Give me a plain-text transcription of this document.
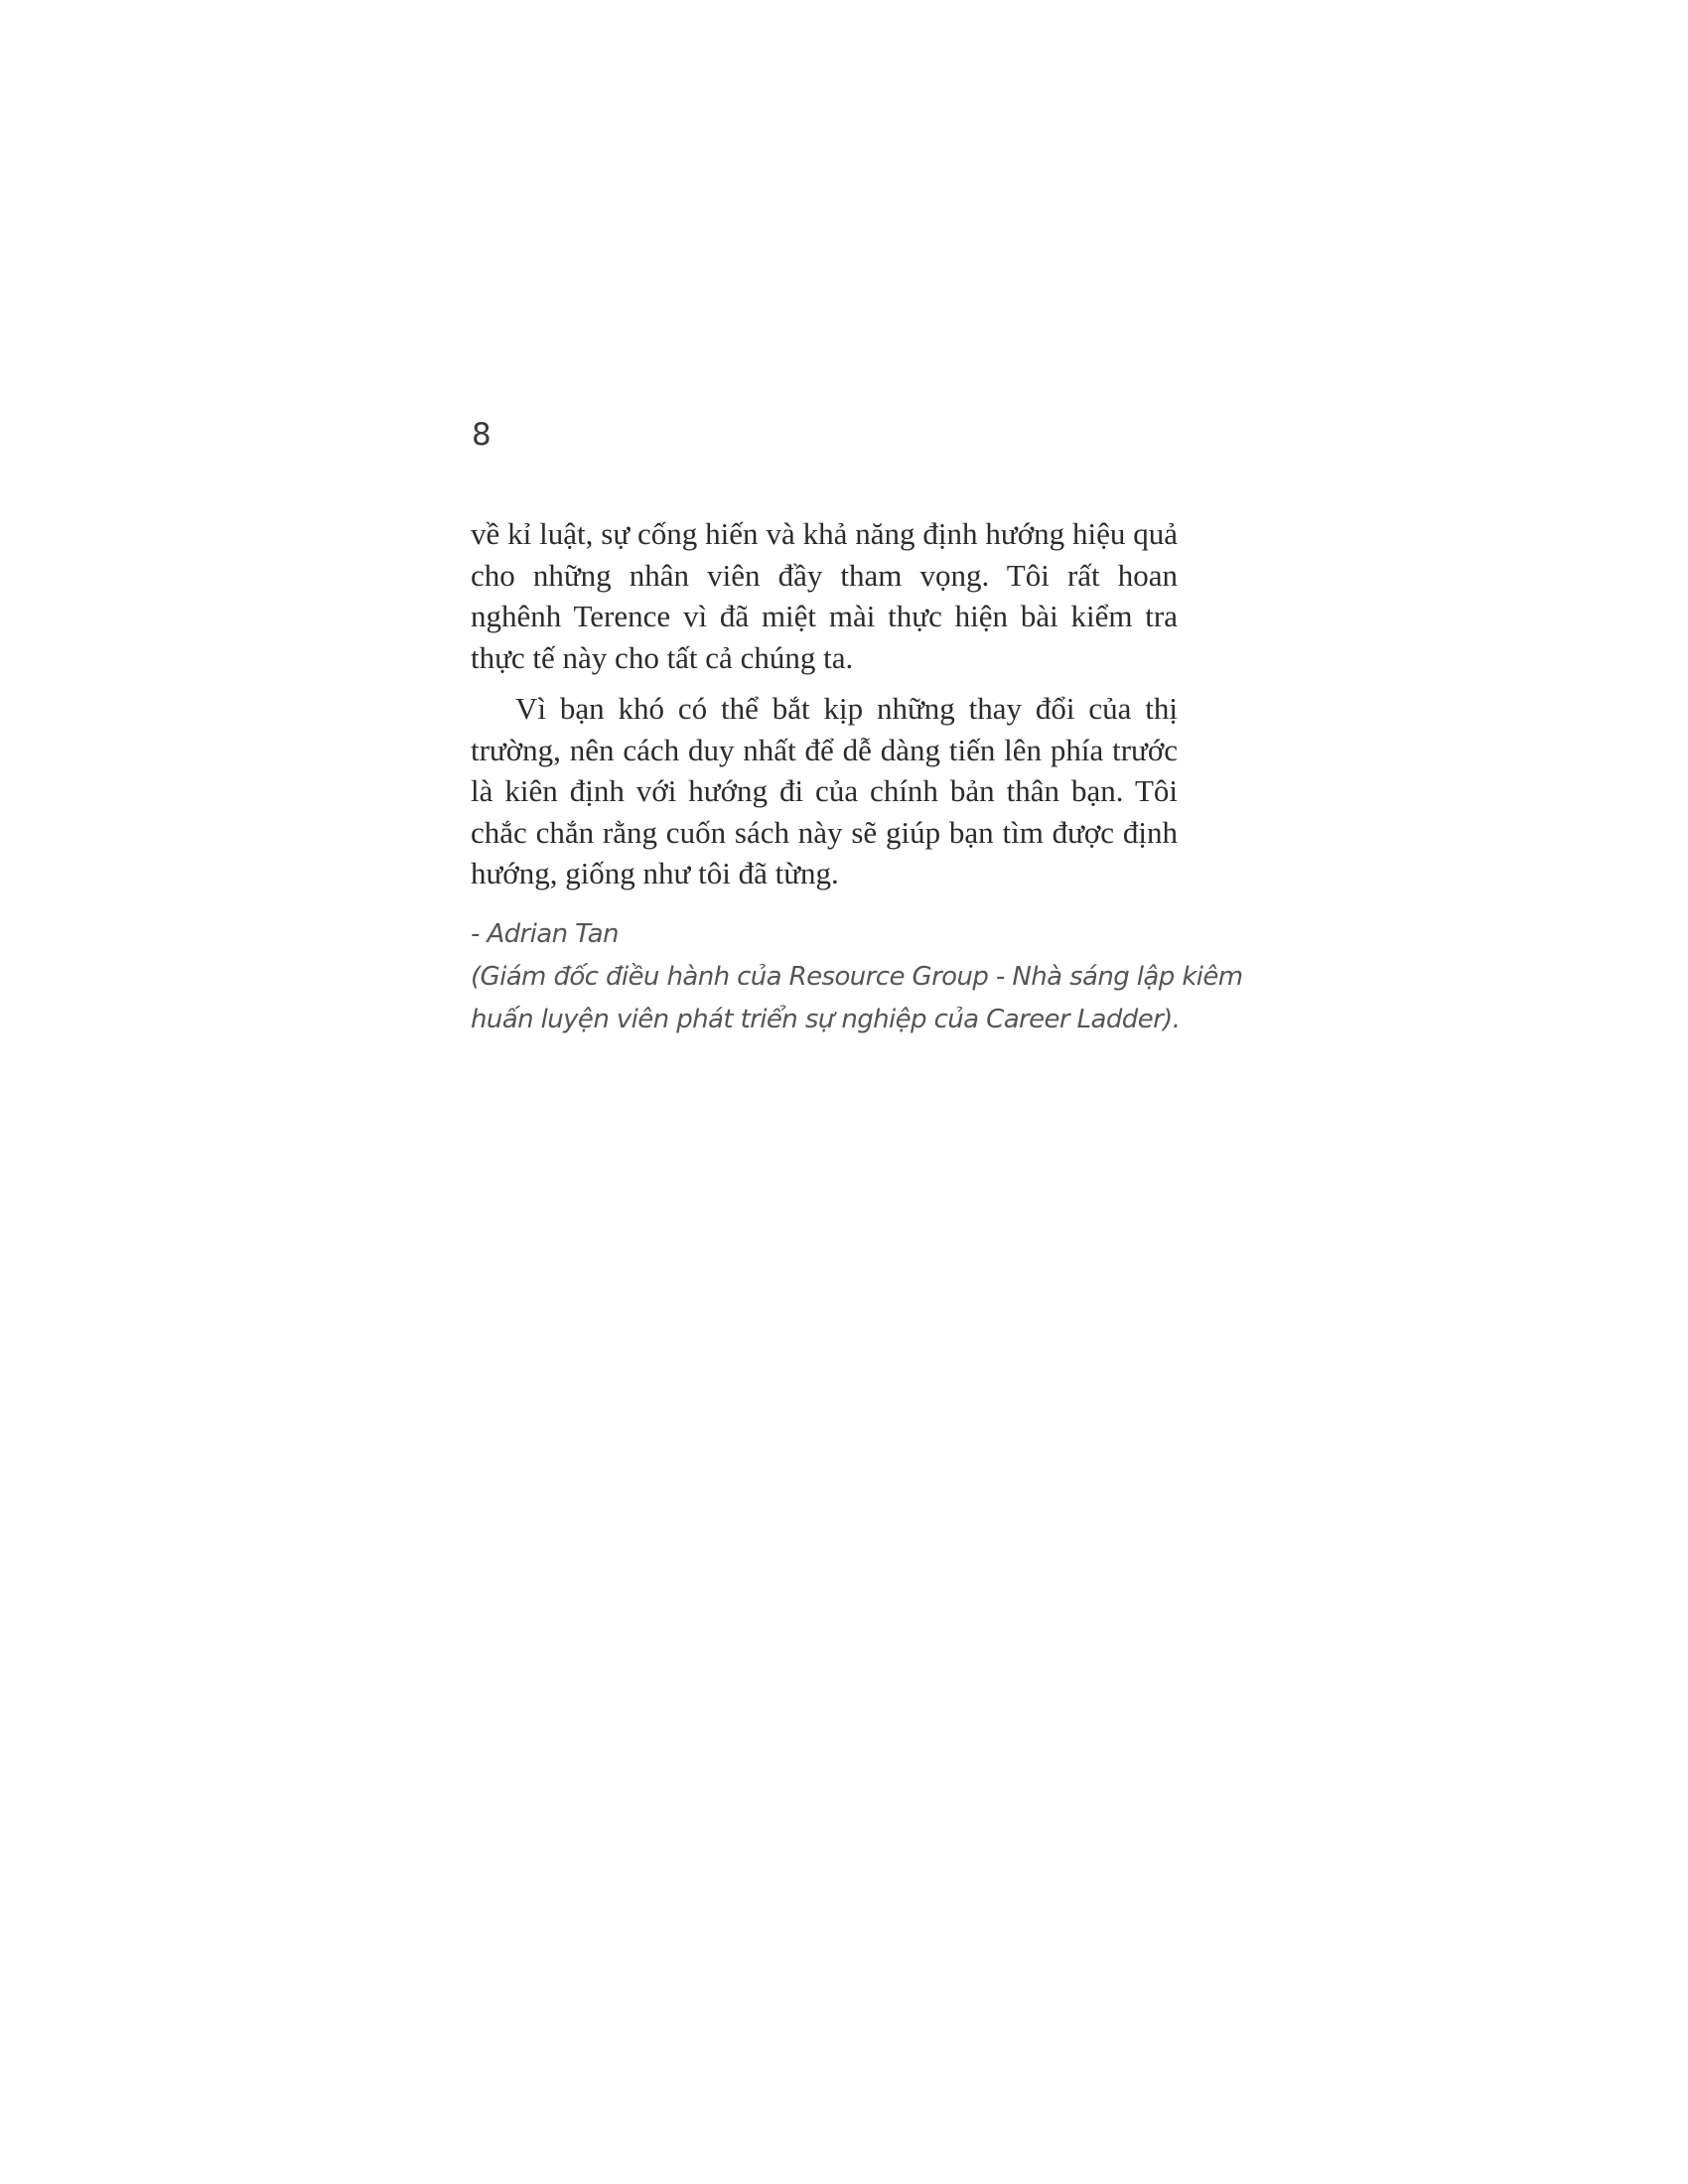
8

về kỉ luật, sự cống hiến và khả năng định hướng hiệu quả cho những nhân viên đầy tham vọng. Tôi rất hoan nghênh Terence vì đã miệt mài thực hiện bài kiểm tra thực tế này cho tất cả chúng ta.

Vì bạn khó có thể bắt kịp những thay đổi của thị trường, nên cách duy nhất để dễ dàng tiến lên phía trước là kiên định với hướng đi của chính bản thân bạn. Tôi chắc chắn rằng cuốn sách này sẽ giúp bạn tìm được định hướng, giống như tôi đã từng.

- Adrian Tan
(Giám đốc điều hành của Resource Group - Nhà sáng lập kiêm
huấn luyện viên phát triển sự nghiệp của Career Ladder).
